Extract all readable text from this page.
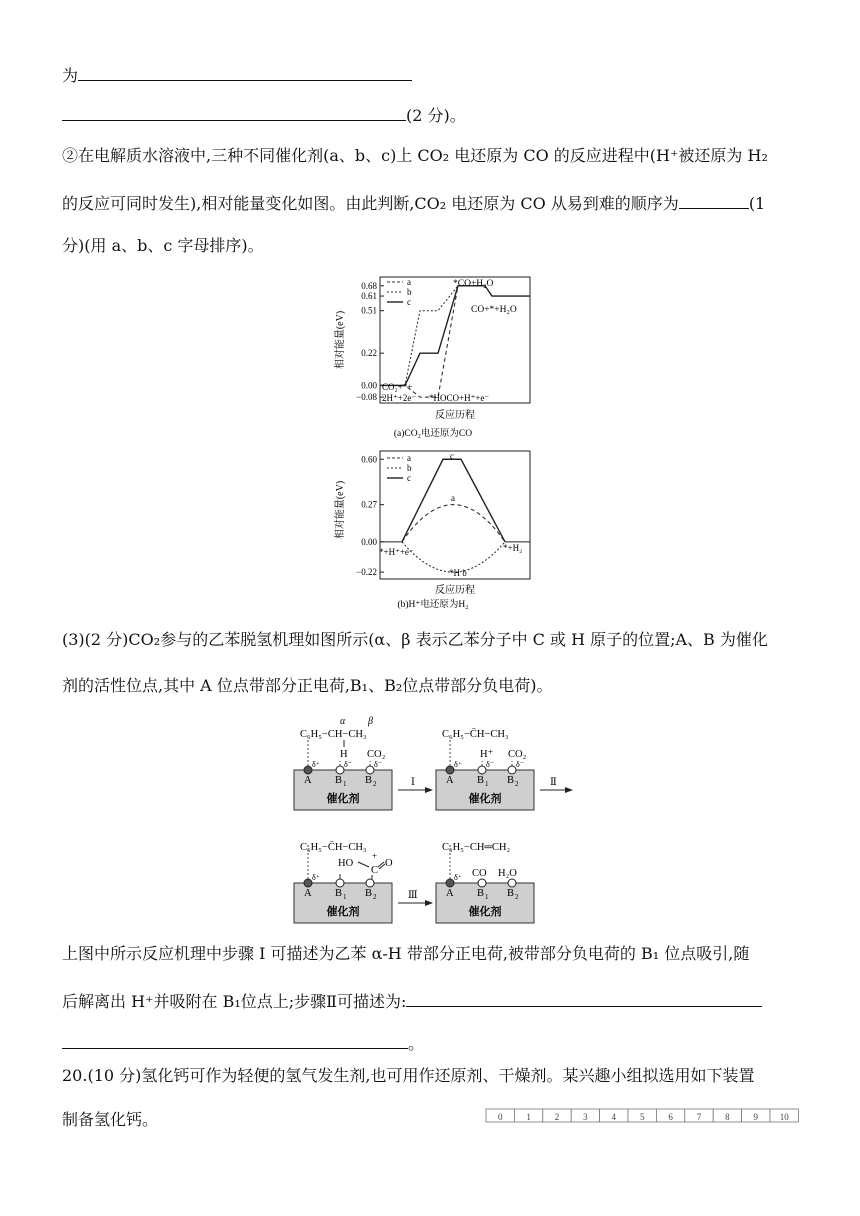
为
(2 分)。
②在电解质水溶液中,三种不同催化剂(a、b、c)上 CO₂ 电还原为 CO 的反应进程中(H⁺被还原为 H₂
的反应可同时发生),相对能量变化如图。由此判断,CO₂ 电还原为 CO 从易到难的顺序为	(1
分)(用 a、b、c 字母排序)。
0.68
0.61
0.51
0.22
0.00
−0.08
相对能量(eV)
a
b
c
*CO+H₂O
CO+*+H₂O
CO₂+*+
2H⁺+2e⁻ *HOCO+H⁺+e⁻
反应历程
(a)CO₂电还原为CO
0.60
0.27
0.00
−0.22
相对能量(eV)
a
b
c
*+H⁺+e⁻	*+H₂
*H b
c
a
反应历程
(b)H⁺电还原为H₂
(3)(2 分)CO₂参与的乙苯脱氢机理如图所示(α、β 表示乙苯分子中 C 或 H 原子的位置;A、B 为催化
剂的活性位点,其中 A 位点带部分正电荷,B₁、B₂位点带部分负电荷)。
δ⁺	δ⁻	δ⁻
A B 1 B 2
催化剂
δ⁺	δ⁻	δ⁻
A B 1 B 2
催化剂
δ⁺
A B 1 B 2
催化剂
δ⁺
A B 1 B 2
催化剂
α β
C₆H₅−CH−CH₃
H CO₂
C₆H₅−C̄H−CH₃
H⁺ CO₂
C₆H₅−C̄H−CH₃
HO
+
C
O
C₆H₅−CH═CH₂
CO H₂O
Ⅰ	Ⅱ
Ⅲ
上图中所示反应机理中步骤 Ⅰ 可描述为乙苯 α-H 带部分正电荷,被带部分负电荷的 B₁ 位点吸引,随
后解离出 H⁺并吸附在 B₁位点上;步骤Ⅱ可描述为:
。
20.(10 分)氢化钙可作为轻便的氢气发生剂,也可用作还原剂、干燥剂。某兴趣小组拟选用如下装置
制备氢化钙。	0	1	2	3	4	5	6	7	8	9 10
